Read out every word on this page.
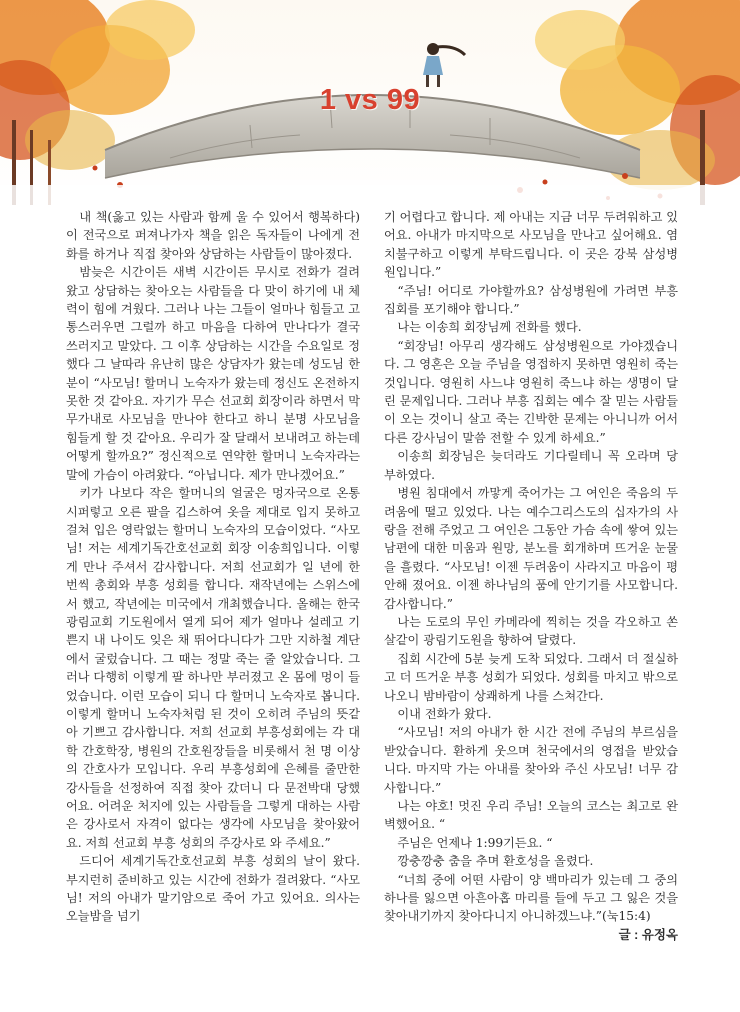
1 vs 99

내 책(옳고 있는 사람과 함께 울 수 있어서 행복하다)이 전국으로 퍼져나가자 책을 읽은 독자들이 나에게 전화를 하거나 직접 찾아와 상담하는 사람들이 많아졌다.

밤늦은 시간이든 새벽 시간이든 무시로 전화가 걸려왔고 상담하는 찾아오는 사람들을 다 맞이 하기에 내 체력이 힘에 겨웠다. 그러나 나는 그들이 얼마나 힘들고 고통스러우면 그럴까 하고 마음을 다하여 만나다가 결국 쓰러지고 말았다. 그 이후 상담하는 시간을 수요일로 정했다 그 날따라 유난히 많은 상담자가 왔는데 성도님 한 분이 “사모님! 할머니 노숙자가 왔는데 정신도 온전하지 못한 것 같아요. 자기가 무슨 선교회 회장이라 하면서 막무가내로 사모님을 만나야 한다고 하니 분명 사모님을 힘들게 할 것 같아요. 우리가 잘 달래서 보내려고 하는데 어떻게 할까요?” 정신적으로 연약한 할머니 노숙자라는 말에 가슴이 아려왔다. “아닙니다. 제가 만나겠어요.”

키가 나보다 작은 할머니의 얼굴은 멍자국으로 온통 시퍼렇고 오른 팔을 깁스하여 옷을 제대로 입지 못하고 걸쳐 입은 영락없는 할머니 노숙자의 모습이었다. “사모님! 저는 세계기독간호선교회 회장 이송희입니다. 이렇게 만나 주셔서 감사합니다. 저희 선교회가 일 년에 한 번씩 총회와 부흥 성회를 합니다. 재작년에는 스위스에서 했고, 작년에는 미국에서 개최했습니다. 올해는 한국 광림교회 기도원에서 열게 되어 제가 얼마나 설레고 기쁜지 내 나이도 잊은 채 뛰어다니다가 그만 지하철 계단에서 굴렀습니다. 그 때는 정말 죽는 줄 알았습니다. 그러나 다행히 이렇게 팔 하나만 부러졌고 온 몸에 멍이 들었습니다. 이런 모습이 되니 다 할머니 노숙자로 봅니다. 이렇게 할머니 노숙자처럼 된 것이 오히려 주님의 뜻같아 기쁘고 감사합니다. 저희 선교회 부흥성회에는 각 대학 간호학장, 병원의 간호원장들을 비롯해서 천 명 이상의 간호사가 모입니다. 우리 부흥성회에 은혜를 줄만한 강사들을 선정하여 직접 찾아 갔더니 다 문전박대 당했어요. 어려운 처지에 있는 사람들을 그렇게 대하는 사람은 강사로서 자격이 없다는 생각에 사모님을 찾아왔어요. 저희 선교회 부흥 성회의 주강사로 와 주세요.”

드디어 세계기독간호선교회 부흥 성회의 날이 왔다. 부지런히 준비하고 있는 시간에 전화가 걸려왔다. “사모님! 저의 아내가 말기암으로 죽어 가고 있어요. 의사는 오늘밤을 넘기

기 어렵다고 합니다. 제 아내는 지금 너무 두려워하고 있어요. 아내가 마지막으로 사모님을 만나고 싶어해요. 염치불구하고 이렇게 부탁드립니다. 이 곳은 강북 삼성병원입니다.”

“주님! 어디로 가야할까요? 삼성병원에 가려면 부흥집회를 포기해야 합니다.”

나는 이송희 회장님께 전화를 했다.

“회장님! 아무리 생각해도 삼성병원으로 가야겠습니다. 그 영혼은 오늘 주님을 영접하지 못하면 영원히 죽는 것입니다. 영원히 사느냐 영원히 죽느냐 하는 생명이 달린 문제입니다. 그러나 부흥 집회는 예수 잘 믿는 사람들이 오는 것이니 살고 죽는 긴박한 문제는 아니니까 어서 다른 강사님이 말씀 전할 수 있게 하세요.”

이송희 회장님은 늦더라도 기다릴테니 꼭 오라며 당부하였다.

병원 침대에서 까맣게 죽어가는 그 여인은 죽음의 두려움에 떨고 있었다. 나는 예수그리스도의 십자가의 사랑을 전해 주었고 그 여인은 그동안 가슴 속에 쌓여 있는 남편에 대한 미움과 원망, 분노를 회개하며 뜨거운 눈물을 흘렸다. “사모님! 이젠 두려움이 사라지고 마음이 평안해 졌어요. 이젠 하나님의 품에 안기기를 사모합니다. 감사합니다.”

나는 도로의 무인 카메라에 찍히는 것을 각오하고 쏜살같이 광림기도원을 향하여 달렸다.

집회 시간에 5분 늦게 도착 되었다. 그래서 더 절실하고 더 뜨거운 부흥 성회가 되었다. 성회를 마치고 밖으로 나오니 밤바람이 상쾌하게 나를 스쳐간다.

이내 전화가 왔다.

“사모님! 저의 아내가 한 시간 전에 주님의 부르심을 받았습니다. 환하게 웃으며 천국에서의 영접을 받았습니다. 마지막 가는 아내를 찾아와 주신 사모님! 너무 감사합니다.”

나는 야호! 멋진 우리 주님! 오늘의 코스는 최고로 완벽했어요. “

주님은 언제나 1:99기든요. “

깡충깡충 춤을 추며 환호성을 올렸다.

“너희 중에 어떤 사람이 양 백마리가 있는데 그 중의 하나를 잃으면 아흔아홉 마리를 들에 두고 그 잃은 것을 찾아내기까지 찾아다니지 아니하겠느냐.”(눅15:4)

글 : 유정옥
